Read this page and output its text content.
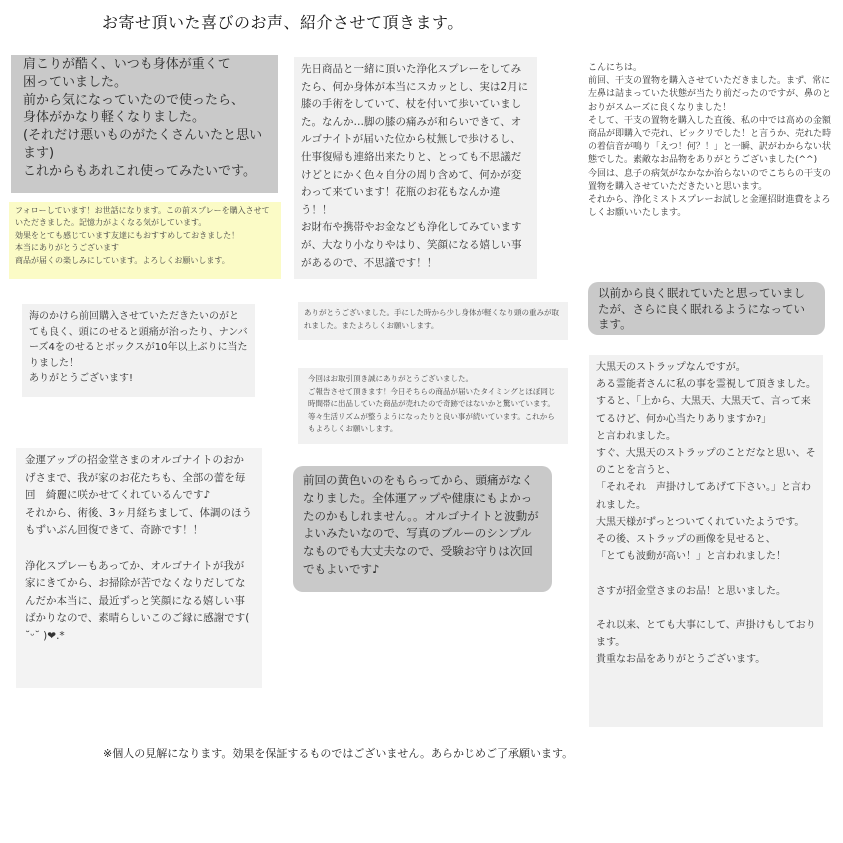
お寄せ頂いた喜びのお声、紹介させて頂きます。
肩こりが酷く、いつも身体が重くて
困っていました。
前から気になっていたので使ったら、
身体がかなり軽くなりました。
(それだけ悪いものがたくさんいたと思います)
これからもあれこれ使ってみたいです。
フォローしています！お世話になります。この前スプレーを購入させていただきました。記憶力がよくなる気がしています。
効果をとても感じています友達にもおすすめしておきました！
本当にありがとうございます
商品が届くの楽しみにしています。よろしくお願いします。
海のかけら前回購入させていただきたいのがとても良く、頭にのせると頭痛が治ったり、ナンバーズ4をのせるとボックスが10年以上ぶりに当たりました！
ありがとうございます!
金運アップの招金堂さまのオルゴナイトのおかげさまで、我が家のお花たちも、全部の蕾を毎回　綺麗に咲かせてくれているんです♪
それから、術後、3ヶ月経ちまして、体調のほうもずいぶん回復できて、奇跡です！！

浄化スプレーもあってか、オルゴナイトが我が家にきてから、お掃除が苦でなくなりだしてなんだか本当に、最近ずっと笑顔になる嬉しい事ばかりなので、素晴らしいこのご縁に感謝です( ˘ᵕ˘ )❤︎.*
先日商品と一緒に頂いた浄化スプレーをしてみたら、何か身体が本当にスカッとし、実は2月に膝の手術をしていて、杖を付いて歩いていました。なんか…脚の膝の痛みが和らいできて、オルゴナイトが届いた位から杖無しで歩けるし、仕事復帰も連絡出来たりと、とっても不思議だけどとにかく色々自分の周り含めて、何かが変わって来ています！花瓶のお花もなんか違う！！
お財布や携帯やお金なども浄化してみていますが、大なり小なりやはり、笑顔になる嬉しい事があるので、不思議です！！
ありがとうございました。手にした時から少し身体が軽くなり頭の重みが取れました。またよろしくお願いします。
今回はお取引頂き誠にありがとうございました。
ご報告させて頂きます！今日そちらの商品が届いたタイミングとほぼ同じ時間帯に出品していた商品が売れたので奇跡ではないかと驚いています。等々生活リズムが整うようになったりと良い事が続いています。これからもよろしくお願いします。
前回の黄色いのをもらってから、頭痛がなくなりました。全体運アップや健康にもよかったのかもしれません。。オルゴナイトと波動がよいみたいなので、写真のブルーのシンプルなものでも大丈夫なので、受験お守りは次回でもよいです♪
こんにちは。
前回、干支の置物を購入させていただきました。まず、常に左鼻は詰まっていた状態が当たり前だったのですが、鼻のとおりがスムーズに良くなりました！
そして、干支の置物を購入した直後、私の中では高めの金額商品が即購入で売れ、ビックリでした！と言うか、売れた時の着信音が鳴り「えつ！何？！」と一瞬、訳がわからない状態でした。素敵なお品物をありがとうございました(^^)
今回は、息子の病気がなかなか治らないのでこちらの干支の置物を購入させていただきたいと思います。
それから、浄化ミストスプレーお試しと金運招財進費をよろしくお願いいたします。
以前から良く眠れていたと思っていましたが、さらに良く眠れるようになっています。
大黒天のストラップなんですが。
ある霊能者さんに私の事を霊視して頂きました。
すると、「上から、大黒天、大黒天て、言って来てるけど、何か心当たりありますか?」
と言われました。
すぐ、大黒天のストラップのことだなと思い、そのことを言うと、
「それそれ　声掛けしてあげて下さい。」と言われました。
大黒天様がずっとついてくれていたようです。
その後、ストラップの画像を見せると、
「とても波動が高い！」と言われました！

さすが招金堂さまのお品！と思いました。

それ以来、とても大事にして、声掛けもしております。
貴重なお品をありがとうございます。
※個人の見解になります。効果を保証するものではございません。あらかじめご了承願います。
